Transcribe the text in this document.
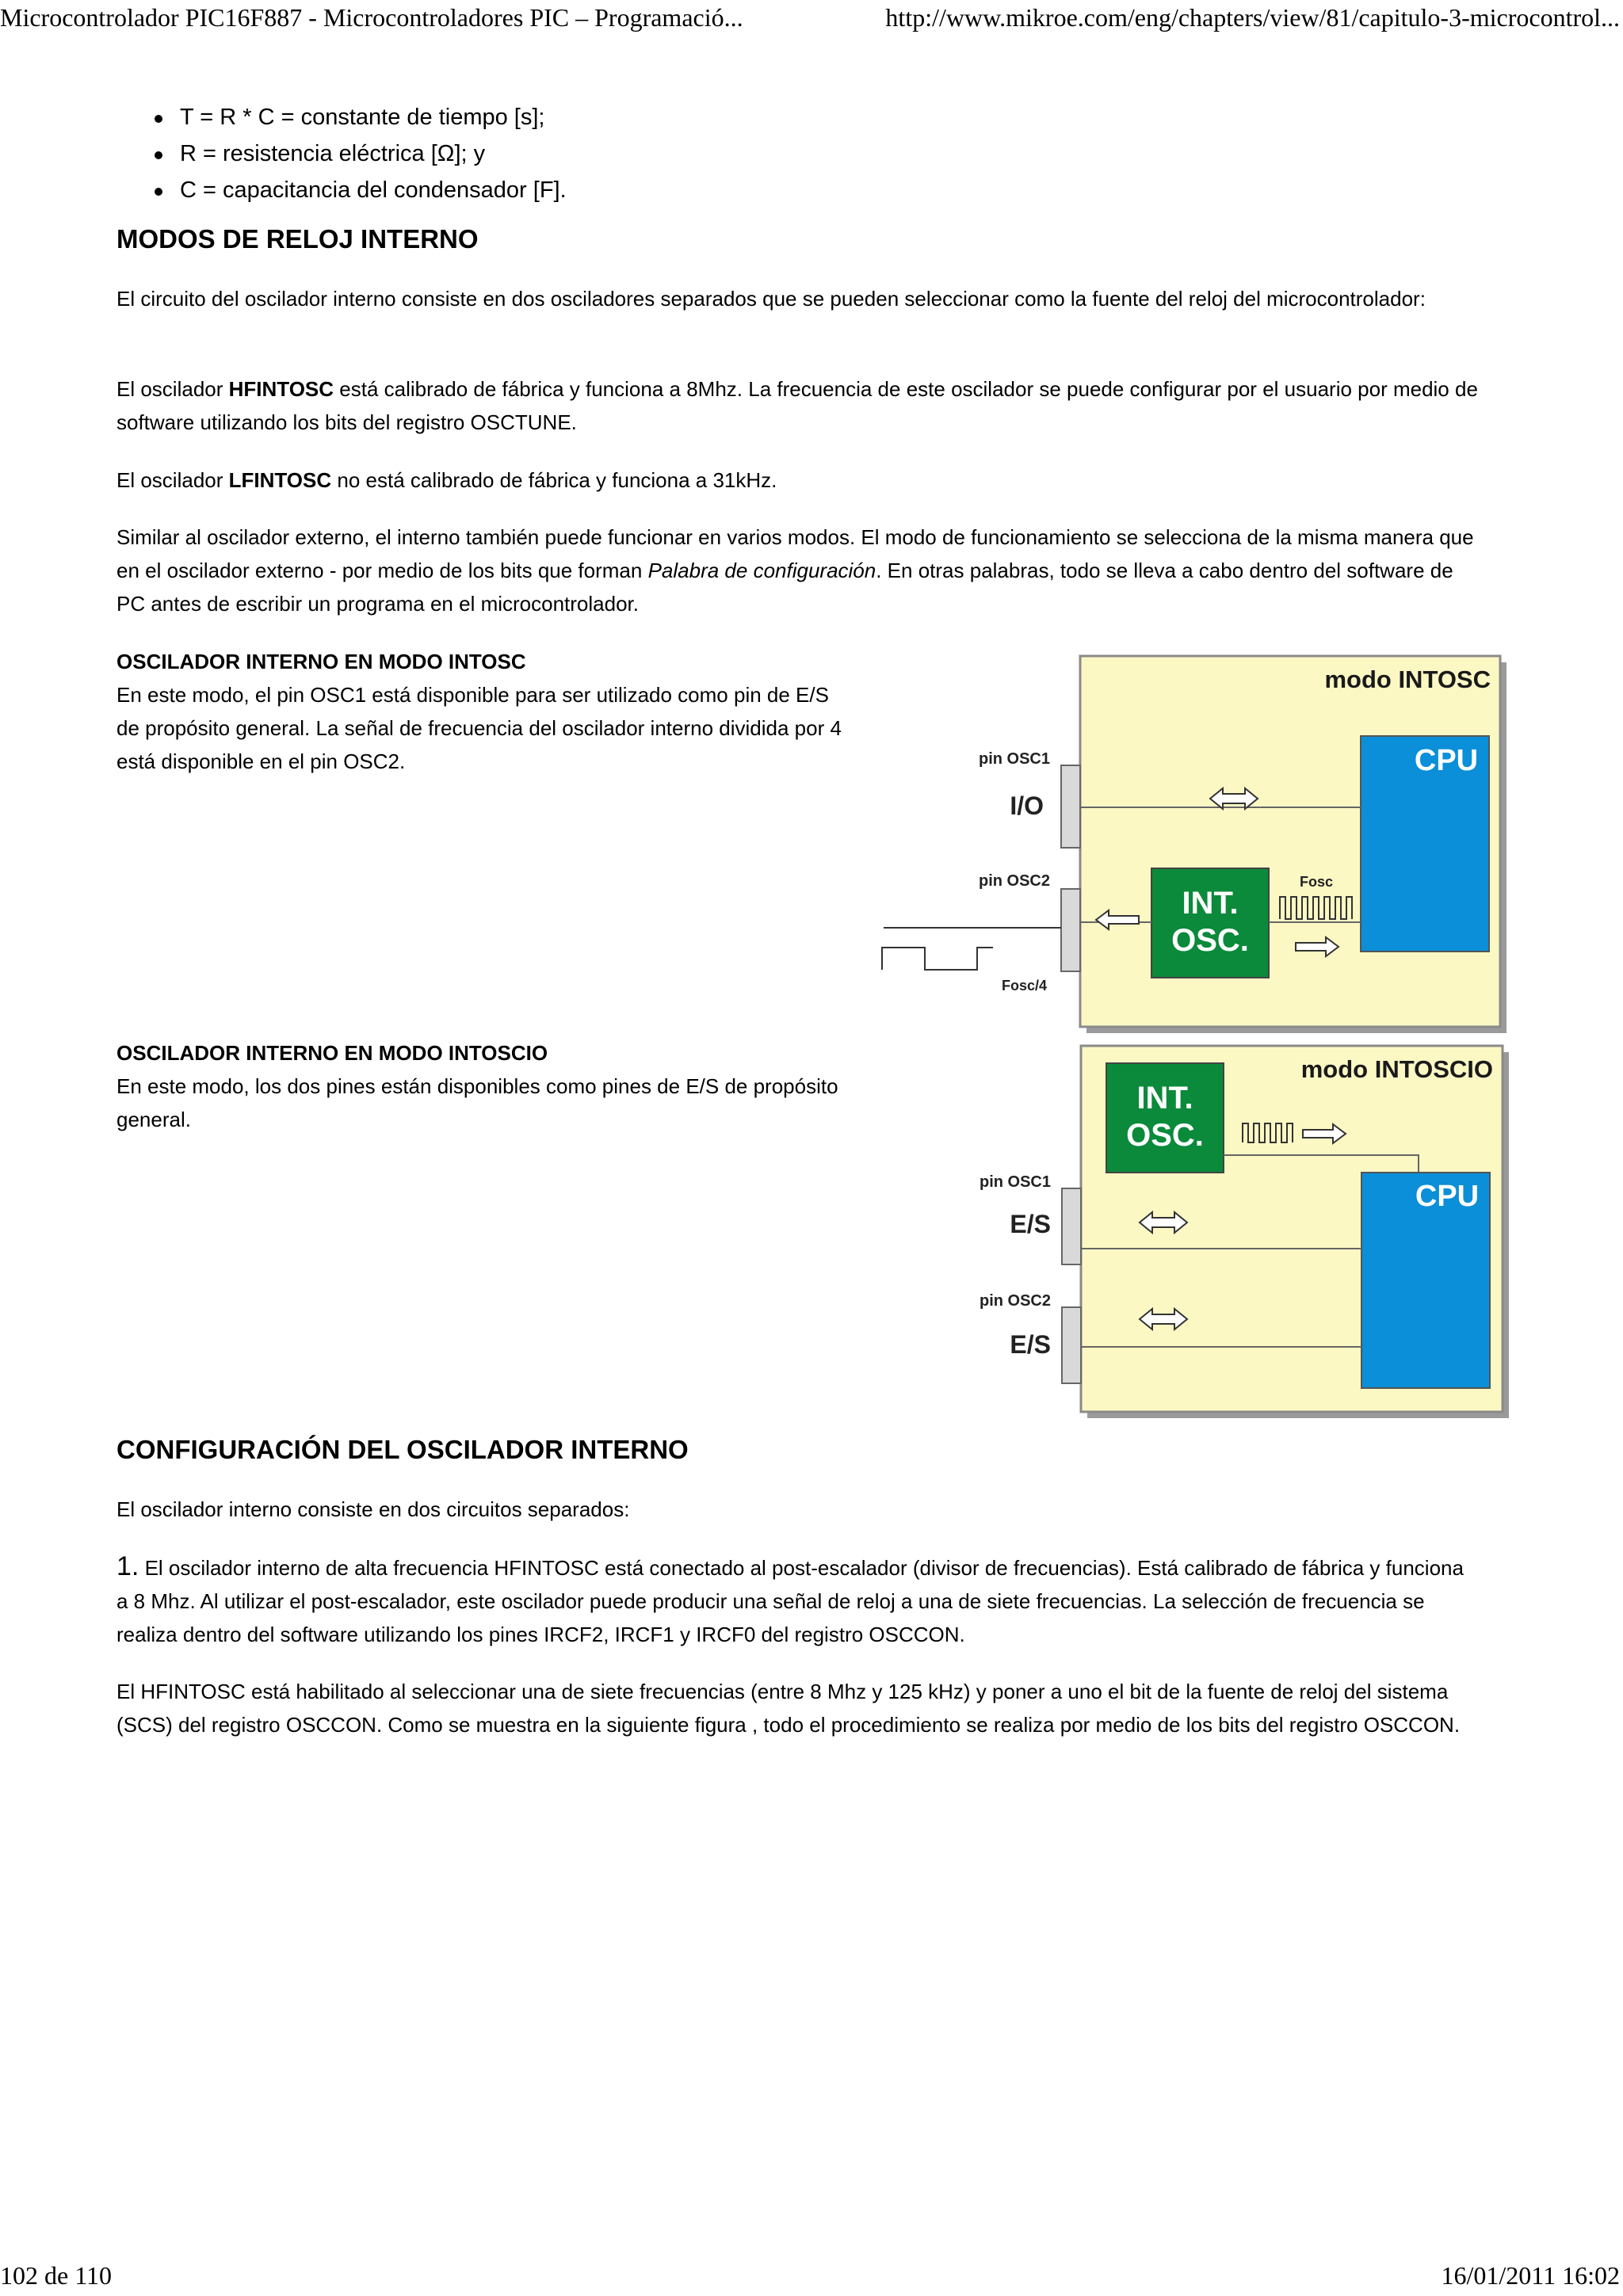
Microcontrolador PIC16F887 - Microcontroladores PIC – Programació...	http://www.mikroe.com/eng/chapters/view/81/capitulo-3-microcontrol...
T = R * C = constante de tiempo [s];
R = resistencia eléctrica [Ω]; y
C = capacitancia del condensador [F].
MODOS DE RELOJ INTERNO

El circuito del oscilador interno consiste en dos osciladores separados que se pueden seleccionar como la fuente del reloj del microcontrolador:

El oscilador HFINTOSC está calibrado de fábrica y funciona a 8Mhz. La frecuencia de este oscilador se puede configurar por el usuario por medio de software utilizando los bits del registro OSCTUNE.

El oscilador LFINTOSC no está calibrado de fábrica y funciona a 31kHz.

Similar al oscilador externo, el interno también puede funcionar en varios modos. El modo de funcionamiento se selecciona de la misma manera que en el oscilador externo - por medio de los bits que forman Palabra de configuración. En otras palabras, todo se lleva a cabo dentro del software de PC antes de escribir un programa en el microcontrolador.

OSCILADOR INTERNO EN MODO INTOSC

En este modo, el pin OSC1 está disponible para ser utilizado como pin de E/S de propósito general. La señal de frecuencia del oscilador interno dividida por 4 está disponible en el pin OSC2.

modo INTOSC
CPU
pin OSC1
I/O
pin OSC2
INT.
OSC.
Fosc
Fosc/4
OSCILADOR INTERNO EN MODO INTOSCIO

En este modo, los dos pines están disponibles como pines de E/S de propósito general.

modo INTOSCIO
INT.
OSC.
CPU
pin OSC1
E/S
pin OSC2
E/S
CONFIGURACIÓN DEL OSCILADOR INTERNO

El oscilador interno consiste en dos circuitos separados:

1. El oscilador interno de alta frecuencia HFINTOSC está conectado al post-escalador (divisor de frecuencias). Está calibrado de fábrica y funciona a 8 Mhz. Al utilizar el post-escalador, este oscilador puede producir una señal de reloj a una de siete frecuencias. La selección de frecuencia se realiza dentro del software utilizando los pines IRCF2, IRCF1 y IRCF0 del registro OSCCON.

El HFINTOSC está habilitado al seleccionar una de siete frecuencias (entre 8 Mhz y 125 kHz) y poner a uno el bit de la fuente de reloj del sistema (SCS) del registro OSCCON. Como se muestra en la siguiente figura , todo el procedimiento se realiza por medio de los bits del registro OSCCON.

102 de 110	16/01/2011 16:02
